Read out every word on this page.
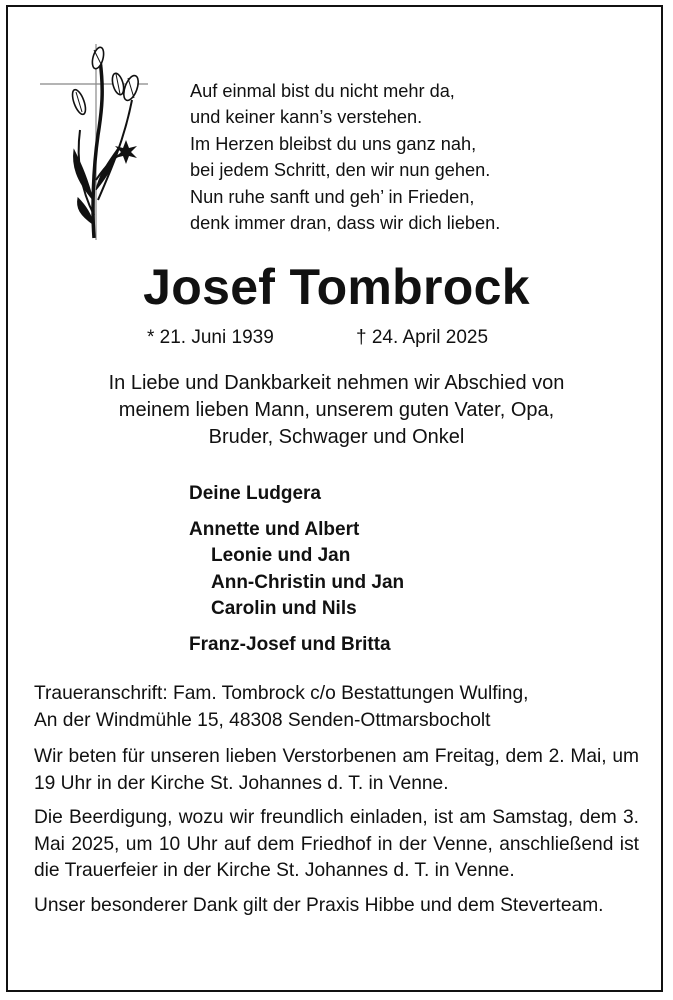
Auf einmal bist du nicht mehr da,
und keiner kann’s verstehen.
Im Herzen bleibst du uns ganz nah,
bei jedem Schritt, den wir nun gehen.
Nun ruhe sanft und geh’ in Frieden,
denk immer dran, dass wir dich lieben.
Josef Tombrock
* 21. Juni 1939	† 24. April 2025
In Liebe und Dankbarkeit nehmen wir Abschied von
meinem lieben Mann, unserem guten Vater, Opa,
Bruder, Schwager und Onkel
Deine Ludgera
Annette und Albert
Leonie und Jan
Ann-Christin und Jan
Carolin und Nils
Franz-Josef und Britta
Traueranschrift: Fam. Tombrock c/o Bestattungen Wulfing,
An der Windmühle 15, 48308 Senden-Ottmarsbocholt

Wir beten für unseren lieben Verstorbenen am Freitag, dem 2. Mai, um 19 Uhr in der Kirche St. Johannes d. T. in Venne.

Die Beerdigung, wozu wir freundlich einladen, ist am Samstag, dem 3. Mai 2025, um 10 Uhr auf dem Friedhof in der Venne, anschließend ist die Trauerfeier in der Kirche St. Johannes d. T. in Venne.

Unser besonderer Dank gilt der Praxis Hibbe und dem Steverteam.
